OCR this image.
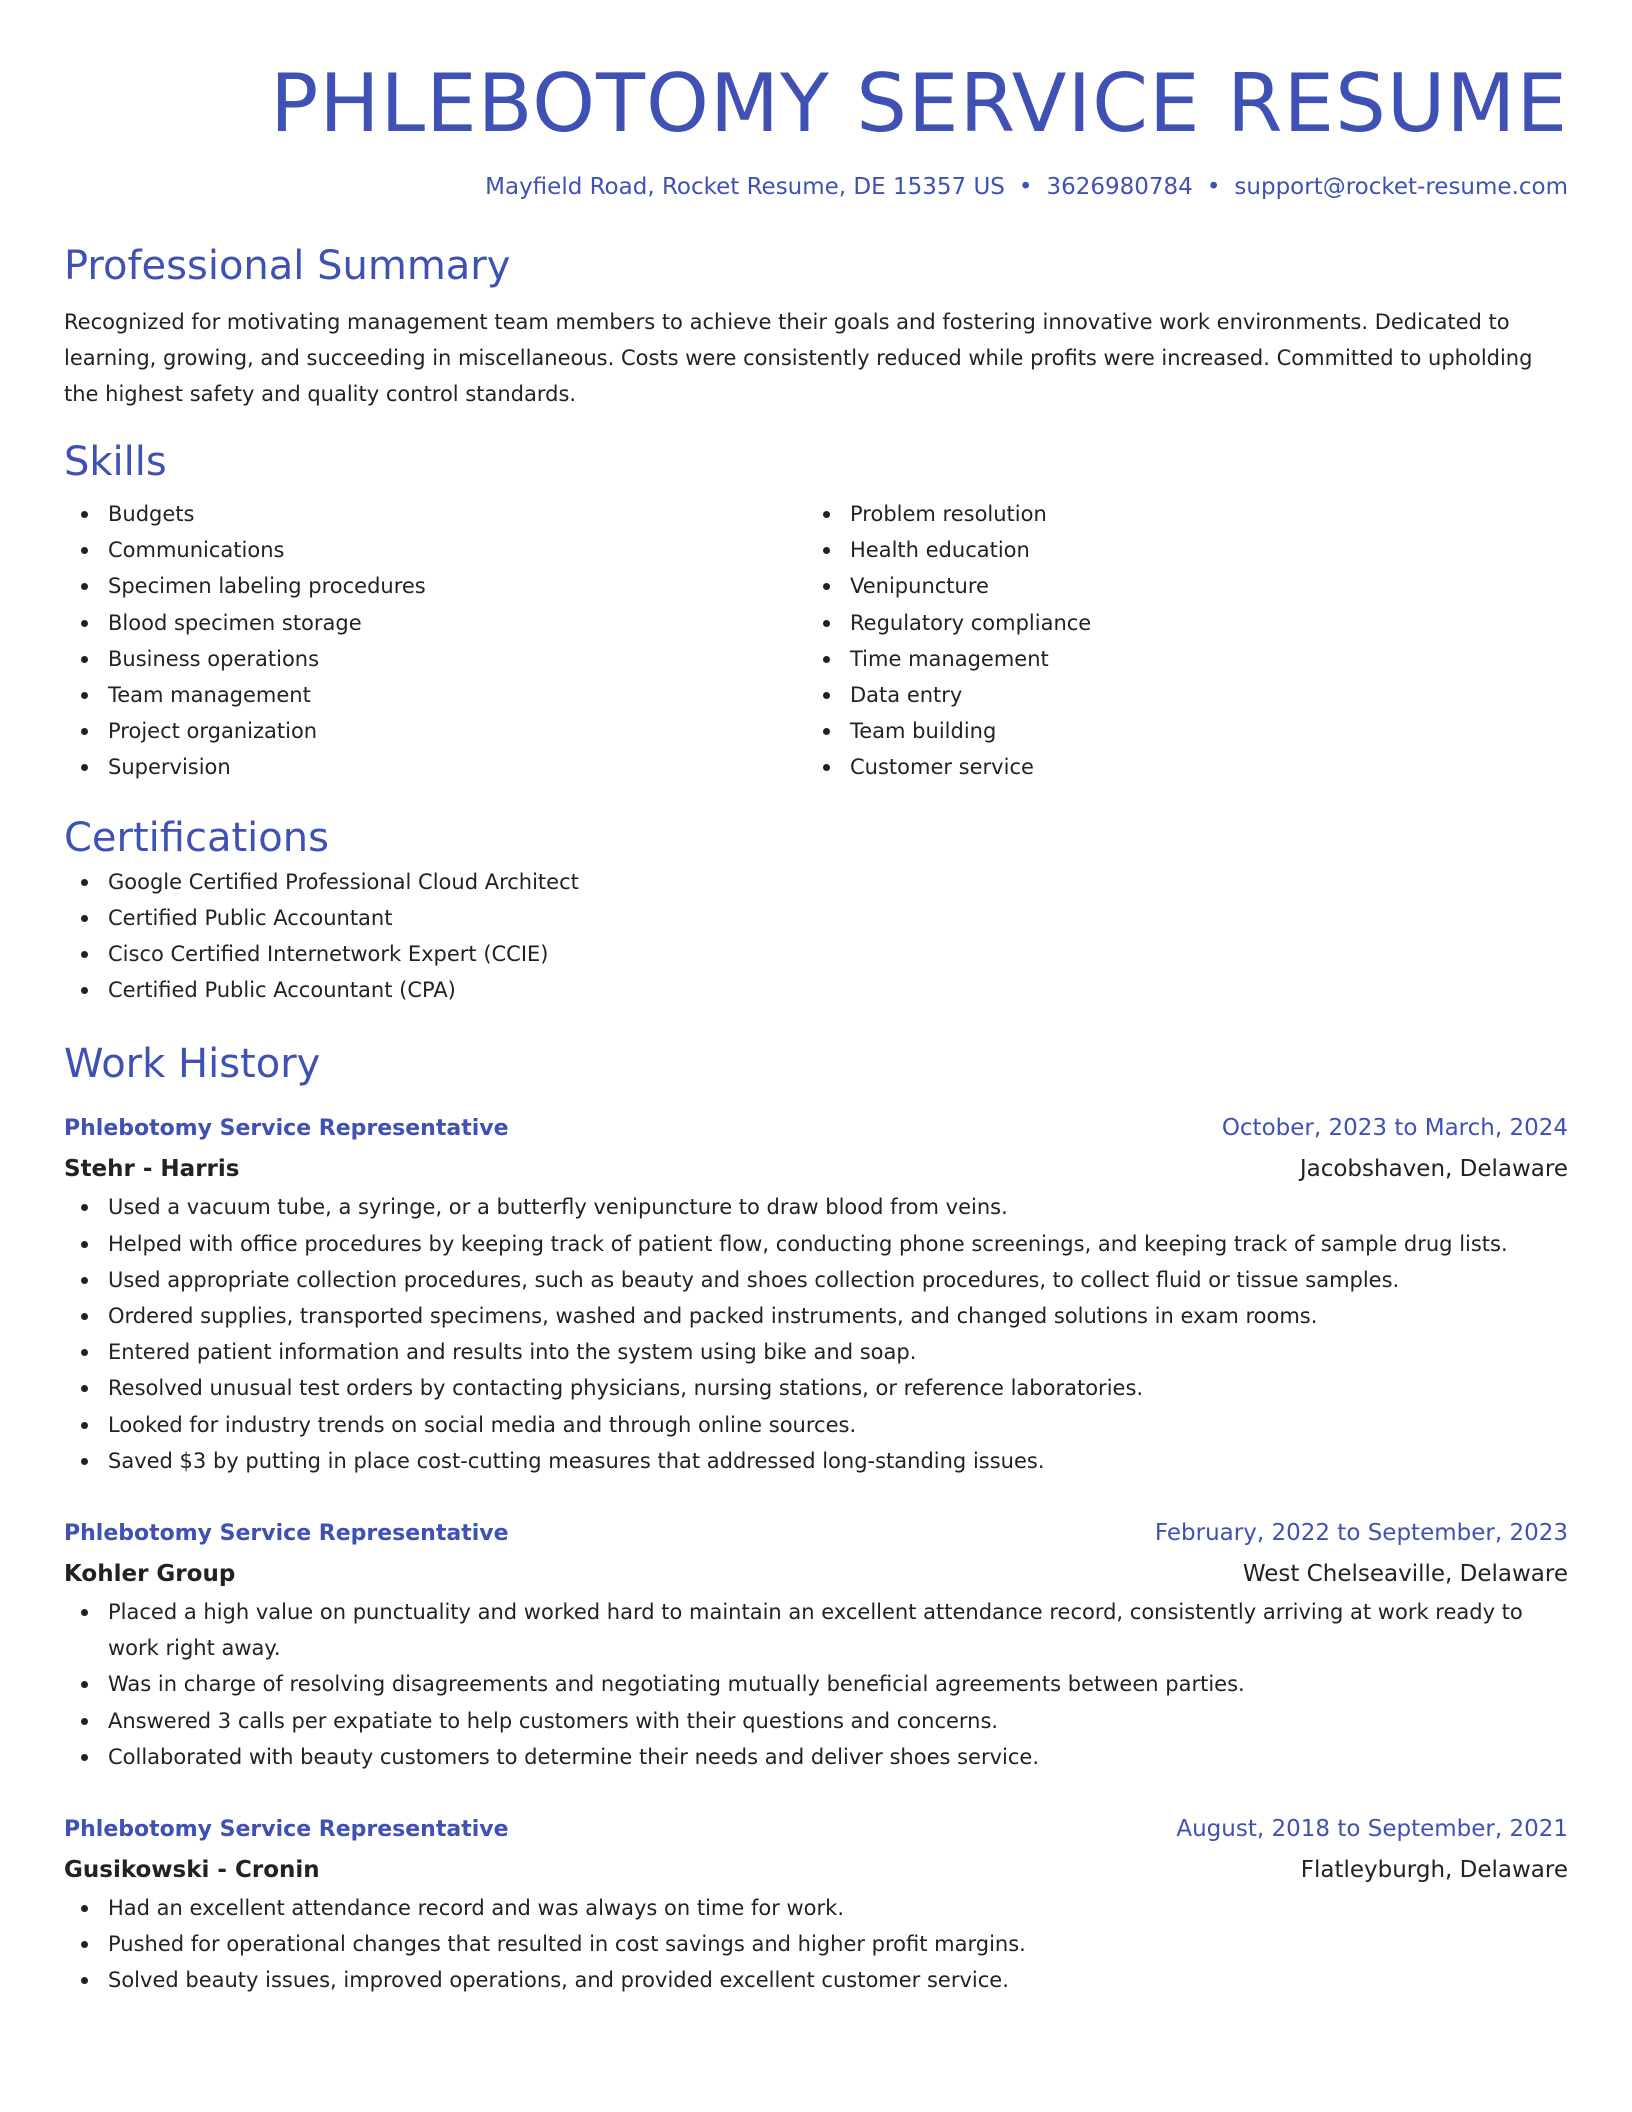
PHLEBOTOMY SERVICE RESUME
Mayfield Road, Rocket Resume, DE 15357 US • 3626980784 • support@rocket-resume.com
Professional Summary
Recognized for motivating management team members to achieve their goals and fostering innovative work environments. Dedicated to learning, growing, and succeeding in miscellaneous. Costs were consistently reduced while profits were increased. Committed to upholding the highest safety and quality control standards.
Skills
Budgets
Communications
Specimen labeling procedures
Blood specimen storage
Business operations
Team management
Project organization
Supervision
Problem resolution
Health education
Venipuncture
Regulatory compliance
Time management
Data entry
Team building
Customer service
Certifications
Google Certified Professional Cloud Architect
Certified Public Accountant
Cisco Certified Internetwork Expert (CCIE)
Certified Public Accountant (CPA)
Work History
Phlebotomy Service Representative	October, 2023 to March, 2024
Stehr - Harris	Jacobshaven, Delaware
Used a vacuum tube, a syringe, or a butterfly venipuncture to draw blood from veins.
Helped with office procedures by keeping track of patient flow, conducting phone screenings, and keeping track of sample drug lists.
Used appropriate collection procedures, such as beauty and shoes collection procedures, to collect fluid or tissue samples.
Ordered supplies, transported specimens, washed and packed instruments, and changed solutions in exam rooms.
Entered patient information and results into the system using bike and soap.
Resolved unusual test orders by contacting physicians, nursing stations, or reference laboratories.
Looked for industry trends on social media and through online sources.
Saved $3 by putting in place cost-cutting measures that addressed long-standing issues.
Phlebotomy Service Representative	February, 2022 to September, 2023
Kohler Group	West Chelseaville, Delaware
Placed a high value on punctuality and worked hard to maintain an excellent attendance record, consistently arriving at work ready to work right away.
Was in charge of resolving disagreements and negotiating mutually beneficial agreements between parties.
Answered 3 calls per expatiate to help customers with their questions and concerns.
Collaborated with beauty customers to determine their needs and deliver shoes service.
Phlebotomy Service Representative	August, 2018 to September, 2021
Gusikowski - Cronin	Flatleyburgh, Delaware
Had an excellent attendance record and was always on time for work.
Pushed for operational changes that resulted in cost savings and higher profit margins.
Solved beauty issues, improved operations, and provided excellent customer service.
